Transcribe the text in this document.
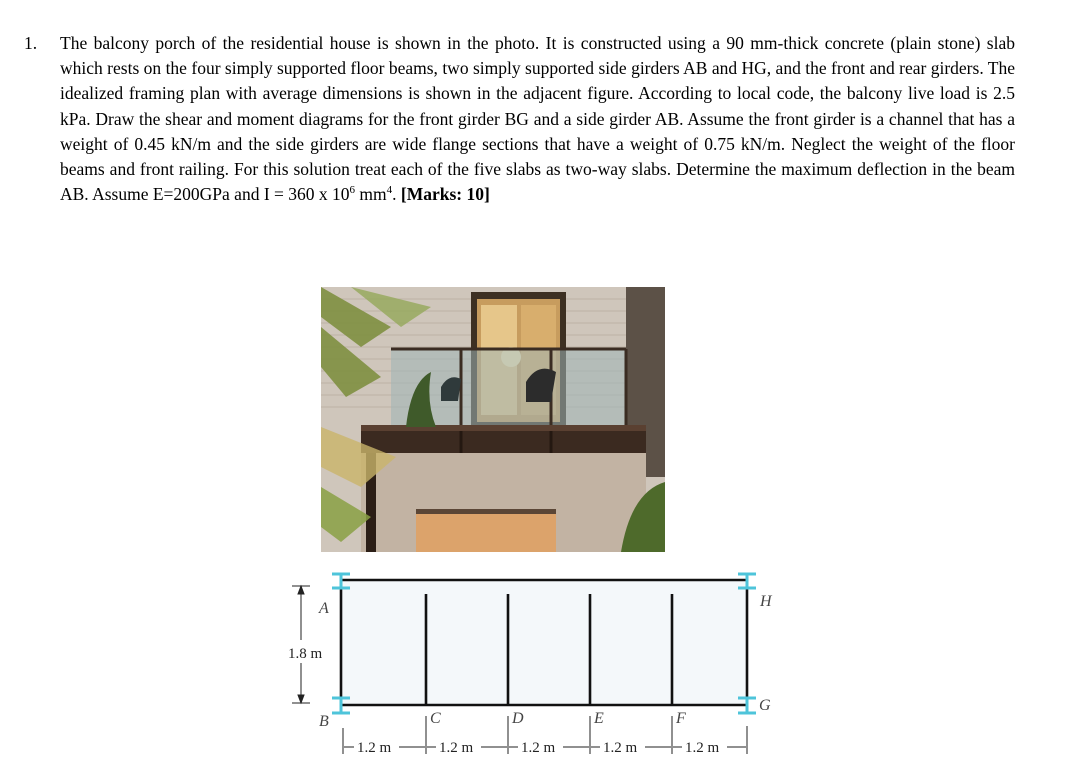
1.	The balcony porch of the residential house is shown in the photo. It is constructed using a 90 mm-thick concrete (plain stone) slab which rests on the four simply supported floor beams, two simply supported side girders AB and HG, and the front and rear girders. The idealized framing plan with average dimensions is shown in the adjacent figure. According to local code, the balcony live load is 2.5 kPa. Draw the shear and moment diagrams for the front girder BG and a side girder AB. Assume the front girder is a channel that has a weight of 0.45 kN/m and the side girders are wide flange sections that have a weight of 0.75 kN/m. Neglect the weight of the floor beams and front railing. For this solution treat each of the five slabs as two-way slabs. Determine the maximum deflection in the beam AB. Assume E=200GPa and I = 360 x $10^6$ $mm^4$. [Marks: 10]
A
B	C	D	E	F
G
H
1.8 m
1.2 m	1.2 m	1.2 m	1.2 m	1.2 m
